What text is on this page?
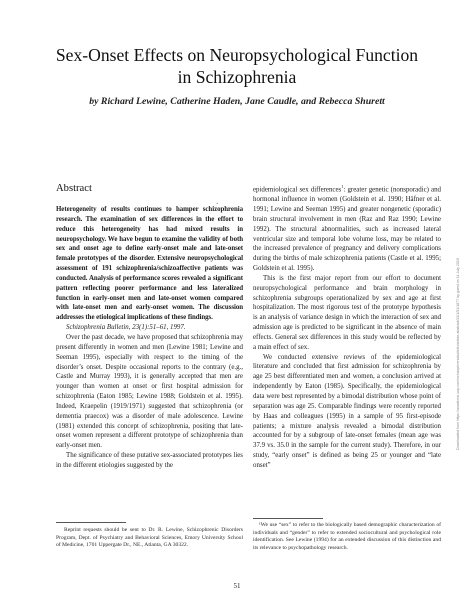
Sex-Onset Effects on Neuropsychological Function
in Schizophrenia
by Richard Lewine, Catherine Haden, Jane Caudle, and Rebecca Shurett
Downloaded from https://academic.oup.com/schizophreniabulletin/article-abstract/23/1/51/1877 by guest on 11 July 2019
·
Abstract

Heterogeneity of results continues to hamper schizophrenia research. The examination of sex differences in the effort to reduce this heterogeneity has had mixed results in neuropsychology. We have begun to examine the validity of both sex and onset age to define early-onset male and late-onset female prototypes of the disorder. Extensive neuropsychological assessment of 191 schizophrenia/schizoaffective patients was conducted. Analysis of performance scores revealed a significant pattern reflecting poorer performance and less lateralized function in early-onset men and late-onset women compared with late-onset men and early-onset women. The discussion addresses the etiological implications of these findings.

Schizophrenia Bulletin, 23(1):51–61, 1997.

Over the past decade, we have proposed that schizophrenia may present differently in women and men (Lewine 1981; Lewine and Seeman 1995), especially with respect to the timing of the disorder’s onset. Despite occasional reports to the contrary (e.g., Castle and Murray 1993), it is generally accepted that men are younger than women at onset or first hospital admission for schizophrenia (Eaton 1985; Lewine 1988; Goldstein et al. 1995). Indeed, Kraepelin (1919/1971) suggested that schizophrenia (or dementia praecox) was a disorder of male adolescence. Lewine (1981) extended this concept of schizophrenia, positing that late-onset women represent a different prototype of schizophrenia than early-onset men.

The significance of these putative sex-associated prototypes lies in the different etiologies suggested by the

Reprint requests should be sent to Dr. R. Lewine, Schizophrenic Disorders Program, Dept. of Psychiatry and Behavioral Sciences, Emory University School of Medicine, 1701 Uppergate Dr., NE., Atlanta, GA 30322.

epidemiological sex differences$^1$: greater genetic (nonsporadic) and hormonal influence in women (Goldstein et al. 1990; Häfner et al. 1991; Lewine and Seeman 1995) and greater nongenetic (sporadic) brain structural involvement in men (Raz and Raz 1990; Lewine 1992). The structural abnormalities, such as increased lateral ventricular size and temporal lobe volume loss, may be related to the increased prevalence of pregnancy and delivery complications during the births of male schizophrenia patients (Castle et al. 1995; Goldstein et al. 1995).

This is the first major report from our effort to document neuropsychological performance and brain morphology in schizophrenia subgroups operationalized by sex and age at first hospitalization. The most rigorous test of the prototype hypothesis is an analysis of variance design in which the interaction of sex and admission age is predicted to be significant in the absence of main effects. General sex differences in this study would be reflected by a main effect of sex.

We conducted extensive reviews of the epidemiological literature and concluded that first admission for schizophrenia by age 25 best differentiated men and women, a conclusion arrived at independently by Eaton (1985). Specifically, the epidemiological data were best represented by a bimodal distribution whose point of separation was age 25. Comparable findings were recently reported by Haas and colleagues (1995) in a sample of 95 first-episode patients; a mixture analysis revealed a bimodal distribution accounted for by a subgroup of late-onset females (mean age was 37.9 vs. 35.0 in the sample for the current study). Therefore, in our study, “early onset” is defined as being 25 or younger and “late onset”

¹We use “sex” to refer to the biologically based demographic characterization of individuals and “gender” to refer to extended sociocultural and psychological role identification. See Lewine (1994) for an extended discussion of this distinction and its relevance to psychopathology research.
51
